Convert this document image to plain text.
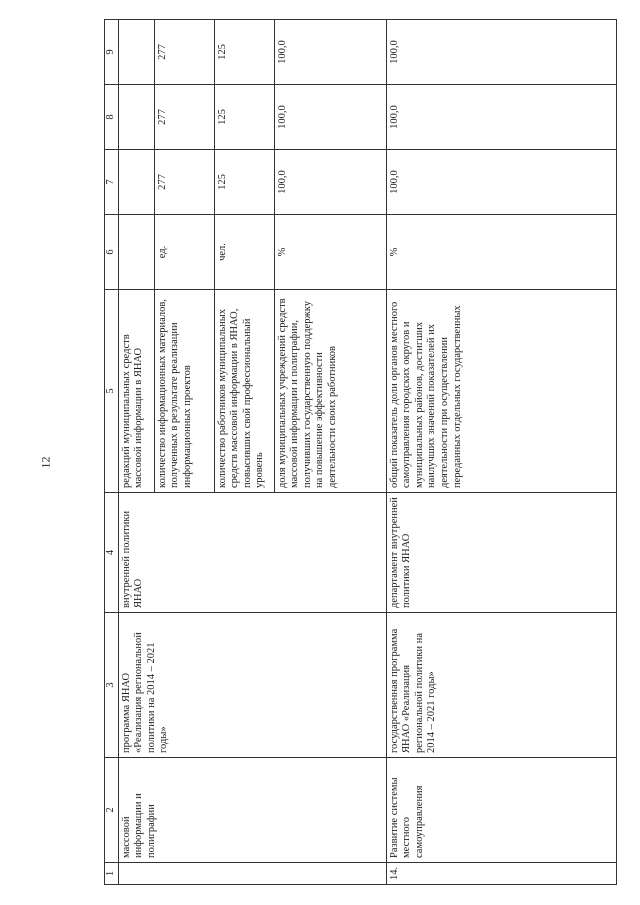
12
1	2	3	4	5	6	7	8	9
	массовой информации и полиграфии	программа ЯНАО «Реализация региональной политики на 2014 – 2021 годы»	внутренней политики ЯНАО	редакций муниципальных средств массовой информации в ЯНАО				
				количество информационных материалов, полученных в результате реализации информационных проектов	ед.	277	277	277
				количество работников муниципальных средств массовой информации в ЯНАО, повысивших свой профессиональный уровень	чел.	125	125	125
				доля муниципальных учреждений средств массовой информации и полиграфии, получивших государственную поддержку на повышение эффективности деятельности своих работников	%	100,0	100,0	100,0
14.	Развитие системы местного самоуправления	государственная программа ЯНАО «Реализация региональной политики на 2014 – 2021 годы»	департамент внутренней политики ЯНАО	общий показатель доли органов местного самоуправления городских округов и муниципальных районов, достигших наилучших значений показателей их деятельности при осуществлении переданных отдельных государственных	%	100,0	100,0	100,0
